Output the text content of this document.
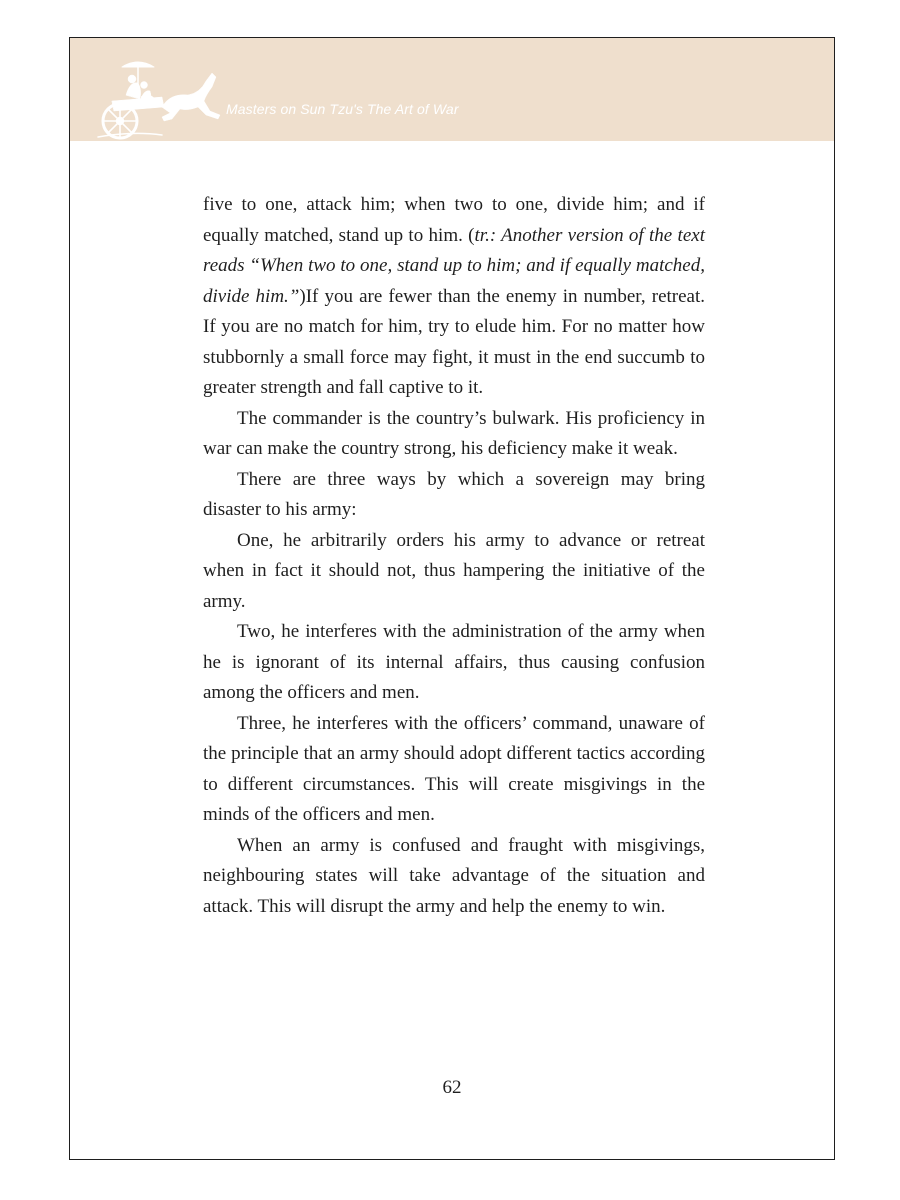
Masters on Sun Tzu's The Art of War

five to one, attack him; when two to one, divide him; and if equally matched, stand up to him. (tr.: Another version of the text reads “When two to one, stand up to him; and if equally matched, divide him.”)If you are fewer than the enemy in number, retreat. If you are no match for him, try to elude him. For no matter how stubbornly a small force may fight, it must in the end succumb to greater strength and fall captive to it.

The commander is the country’s bulwark. His proficiency in war can make the country strong, his deficiency make it weak.

There are three ways by which a sovereign may bring disaster to his army:

One, he arbitrarily orders his army to advance or retreat when in fact it should not, thus hampering the initiative of the army.

Two, he interferes with the administration of the army when he is ignorant of its internal affairs, thus causing confusion among the officers and men.

Three, he interferes with the officers’ command, unaware of the principle that an army should adopt different tactics according to different circumstances. This will create misgivings in the minds of the officers and men.

When an army is confused and fraught with misgivings, neighbouring states will take advantage of the situation and attack. This will disrupt the army and help the enemy to win.

62
